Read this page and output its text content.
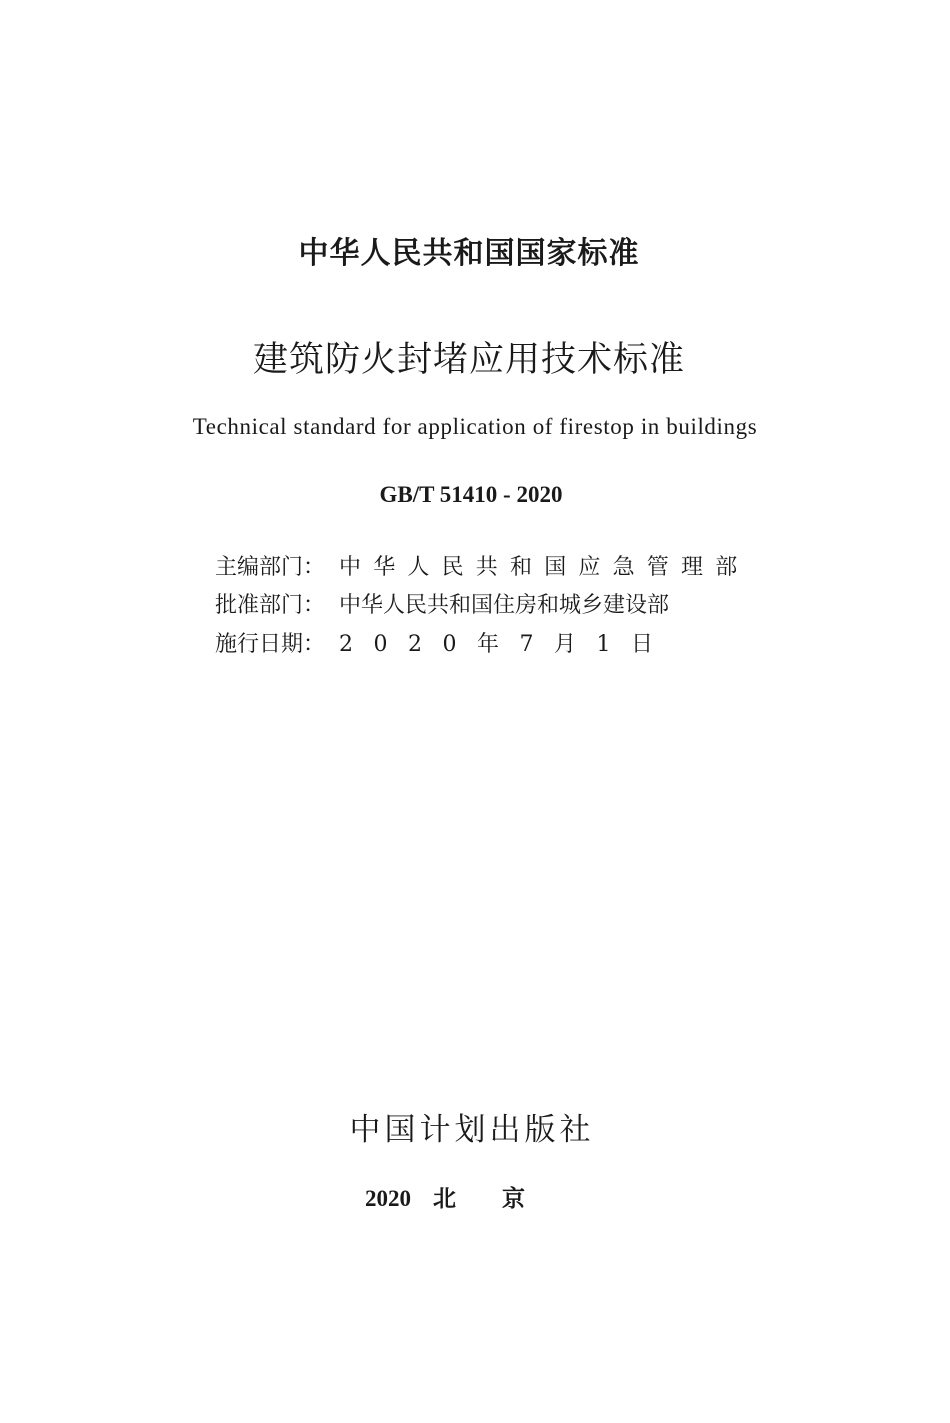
中华人民共和国国家标准
建筑防火封堵应用技术标准
Technical standard for application of firestop in buildings
GB/T 51410 - 2020
主编部门： 中华人民共和国应急管理部
批准部门： 中华人民共和国住房和城乡建设部
施行日期： 2020年7月1日
中国计划出版社
2020 北京
